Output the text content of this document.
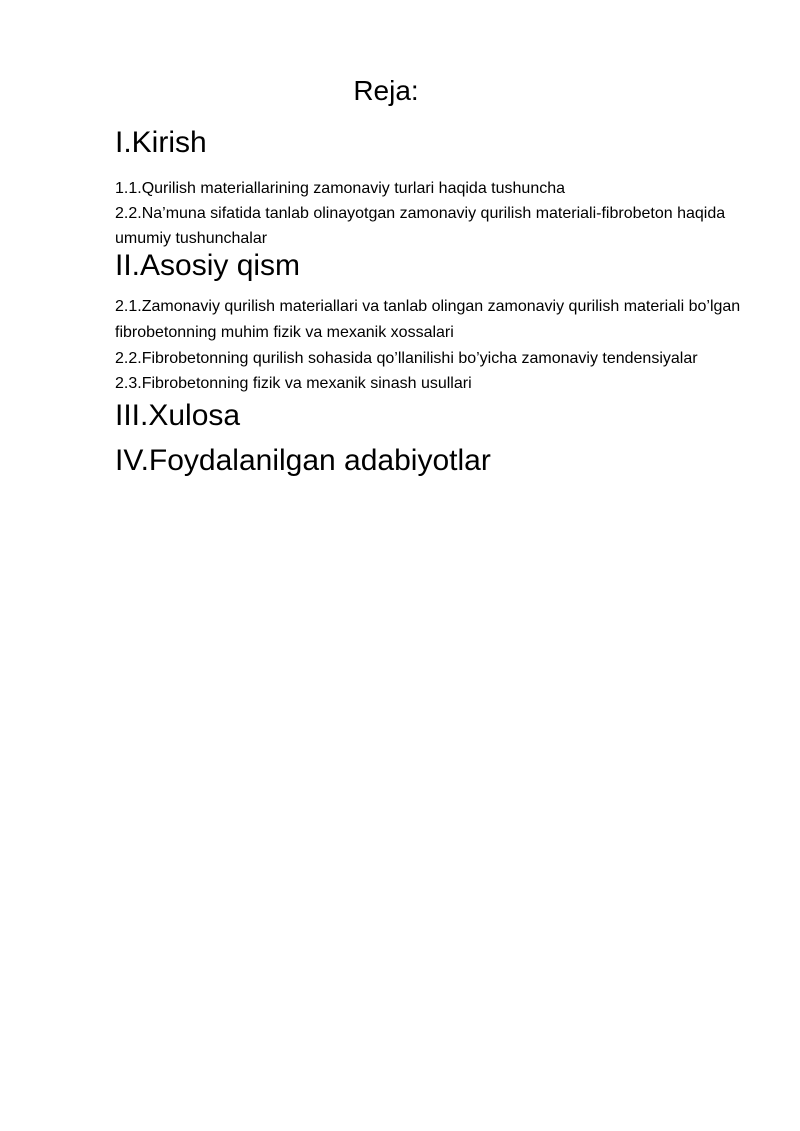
Reja:
I.Kirish

1.1.Qurilish materiallarining zamonaviy turlari haqida tushuncha

2.2.Na’muna sifatida tanlab olinayotgan zamonaviy qurilish materiali-fibrobeton haqida umumiy tushunchalar

II.Asosiy qism

2.1.Zamonaviy qurilish materiallari va tanlab olingan zamonaviy qurilish materiali bo’lgan fibrobetonning muhim fizik va mexanik xossalari

2.2.Fibrobetonning qurilish sohasida qo’llanilishi bo’yicha zamonaviy tendensiyalar

2.3.Fibrobetonning fizik va mexanik sinash usullari

III.Xulosa
IV.Foydalanilgan adabiyotlar
